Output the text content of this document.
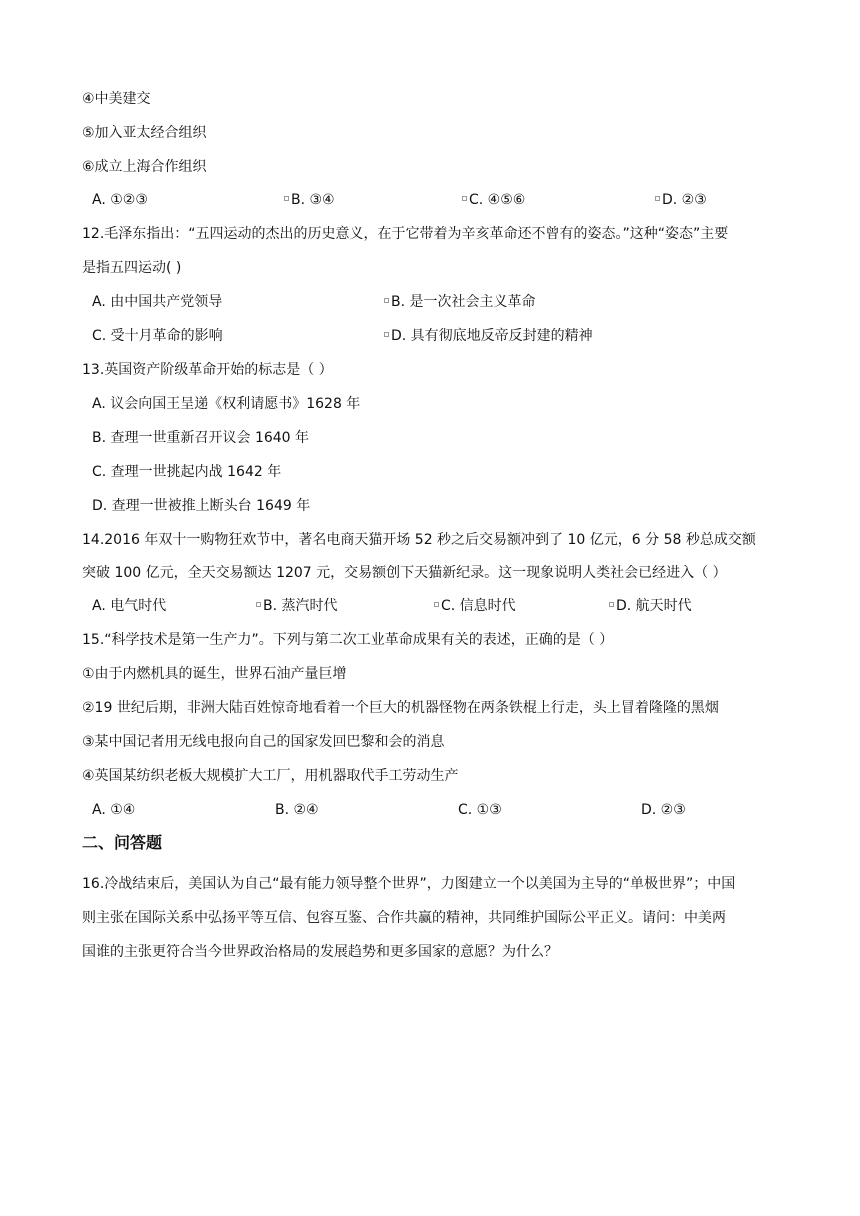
④中美建交
⑤加入亚太经合组织
⑥成立上海合作组织
A. ①②③	B. ③④	C. ④⑤⑥	D. ②③
12.毛泽东指出：“五四运动的杰出的历史意义，在于它带着为辛亥革命还不曾有的姿态。”这种“姿态”主要
是指五四运动( )
A. 由中国共产党领导	B. 是一次社会主义革命
C. 受十月革命的影响	D. 具有彻底地反帝反封建的精神
13.英国资产阶级革命开始的标志是（ ）
A. 议会向国王呈递《权利请愿书》1628 年
B. 查理一世重新召开议会 1640 年
C. 查理一世挑起内战 1642 年
D. 查理一世被推上断头台 1649 年
14.2016 年双十一购物狂欢节中，著名电商天猫开场 52 秒之后交易额冲到了 10 亿元，6 分 58 秒总成交额
突破 100 亿元，全天交易额达 1207 元，交易额创下天猫新纪录。这一现象说明人类社会已经进入（ ）
A. 电气时代	B. 蒸汽时代	C. 信息时代	D. 航天时代
15.“科学技术是第一生产力”。下列与第二次工业革命成果有关的表述，正确的是（ ）
①由于内燃机具的诞生，世界石油产量巨增
②19 世纪后期，非洲大陆百姓惊奇地看着一个巨大的机器怪物在两条铁棍上行走，头上冒着隆隆的黑烟
③某中国记者用无线电报向自己的国家发回巴黎和会的消息
④英国某纺织老板大规模扩大工厂，用机器取代手工劳动生产
A. ①④	B. ②④	C. ①③	D. ②③
二、问答题
16.冷战结束后，美国认为自己“最有能力领导整个世界”，力图建立一个以美国为主导的“单极世界”；中国
则主张在国际关系中弘扬平等互信、包容互鉴、合作共赢的精神，共同维护国际公平正义。请问：中美两
国谁的主张更符合当今世界政治格局的发展趋势和更多国家的意愿？为什么？
